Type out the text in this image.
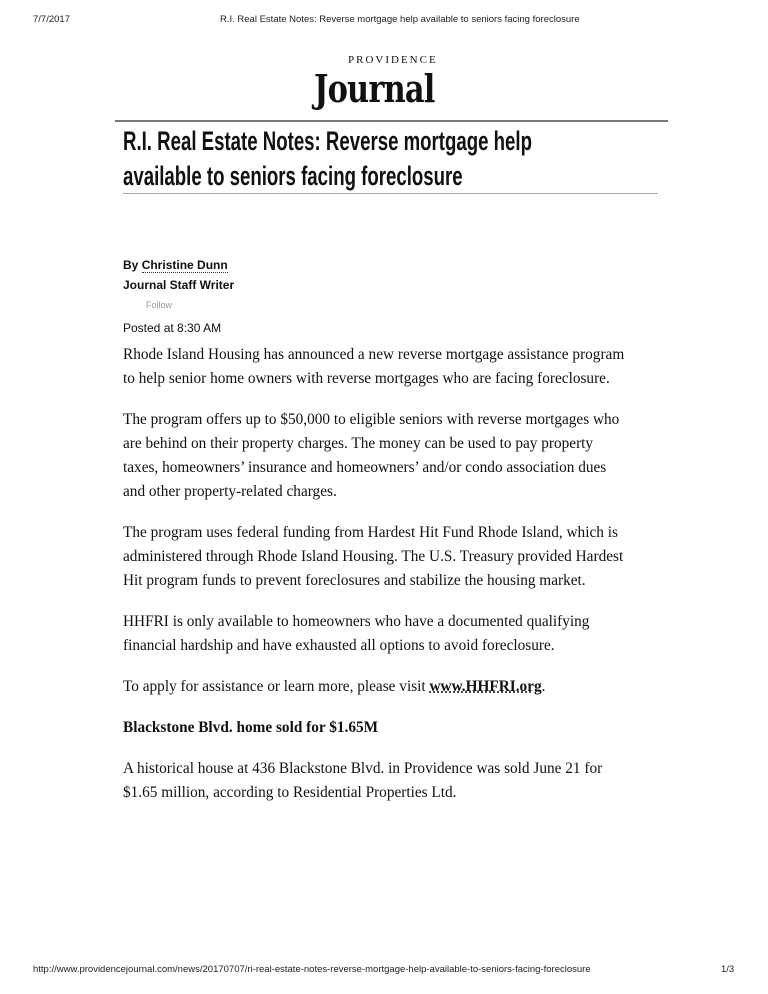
7/7/2017	R.I. Real Estate Notes: Reverse mortgage help available to seniors facing foreclosure
PROVIDENCE
Journal
R.I. Real Estate Notes: Reverse mortgage help
available to seniors facing foreclosure
By Christine Dunn
Journal Staff Writer
Follow
Posted at 8:30 AM

Rhode Island Housing has announced a new reverse mortgage assistance program to help senior home owners with reverse mortgages who are facing foreclosure.

The program offers up to $50,000 to eligible seniors with reverse mortgages who are behind on their property charges. The money can be used to pay property taxes, homeowners’ insurance and homeowners’ and/or condo association dues and other property-related charges.

The program uses federal funding from Hardest Hit Fund Rhode Island, which is administered through Rhode Island Housing. The U.S. Treasury provided Hardest Hit program funds to prevent foreclosures and stabilize the housing market.

HHFRI is only available to homeowners who have a documented qualifying financial hardship and have exhausted all options to avoid foreclosure.

To apply for assistance or learn more, please visit www.HHFRI.org.

Blackstone Blvd. home sold for $1.65M

A historical house at 436 Blackstone Blvd. in Providence was sold June 21 for $1.65 million, according to Residential Properties Ltd.

http://www.providencejournal.com/news/20170707/ri-real-estate-notes-reverse-mortgage-help-available-to-seniors-facing-foreclosure	1/3
